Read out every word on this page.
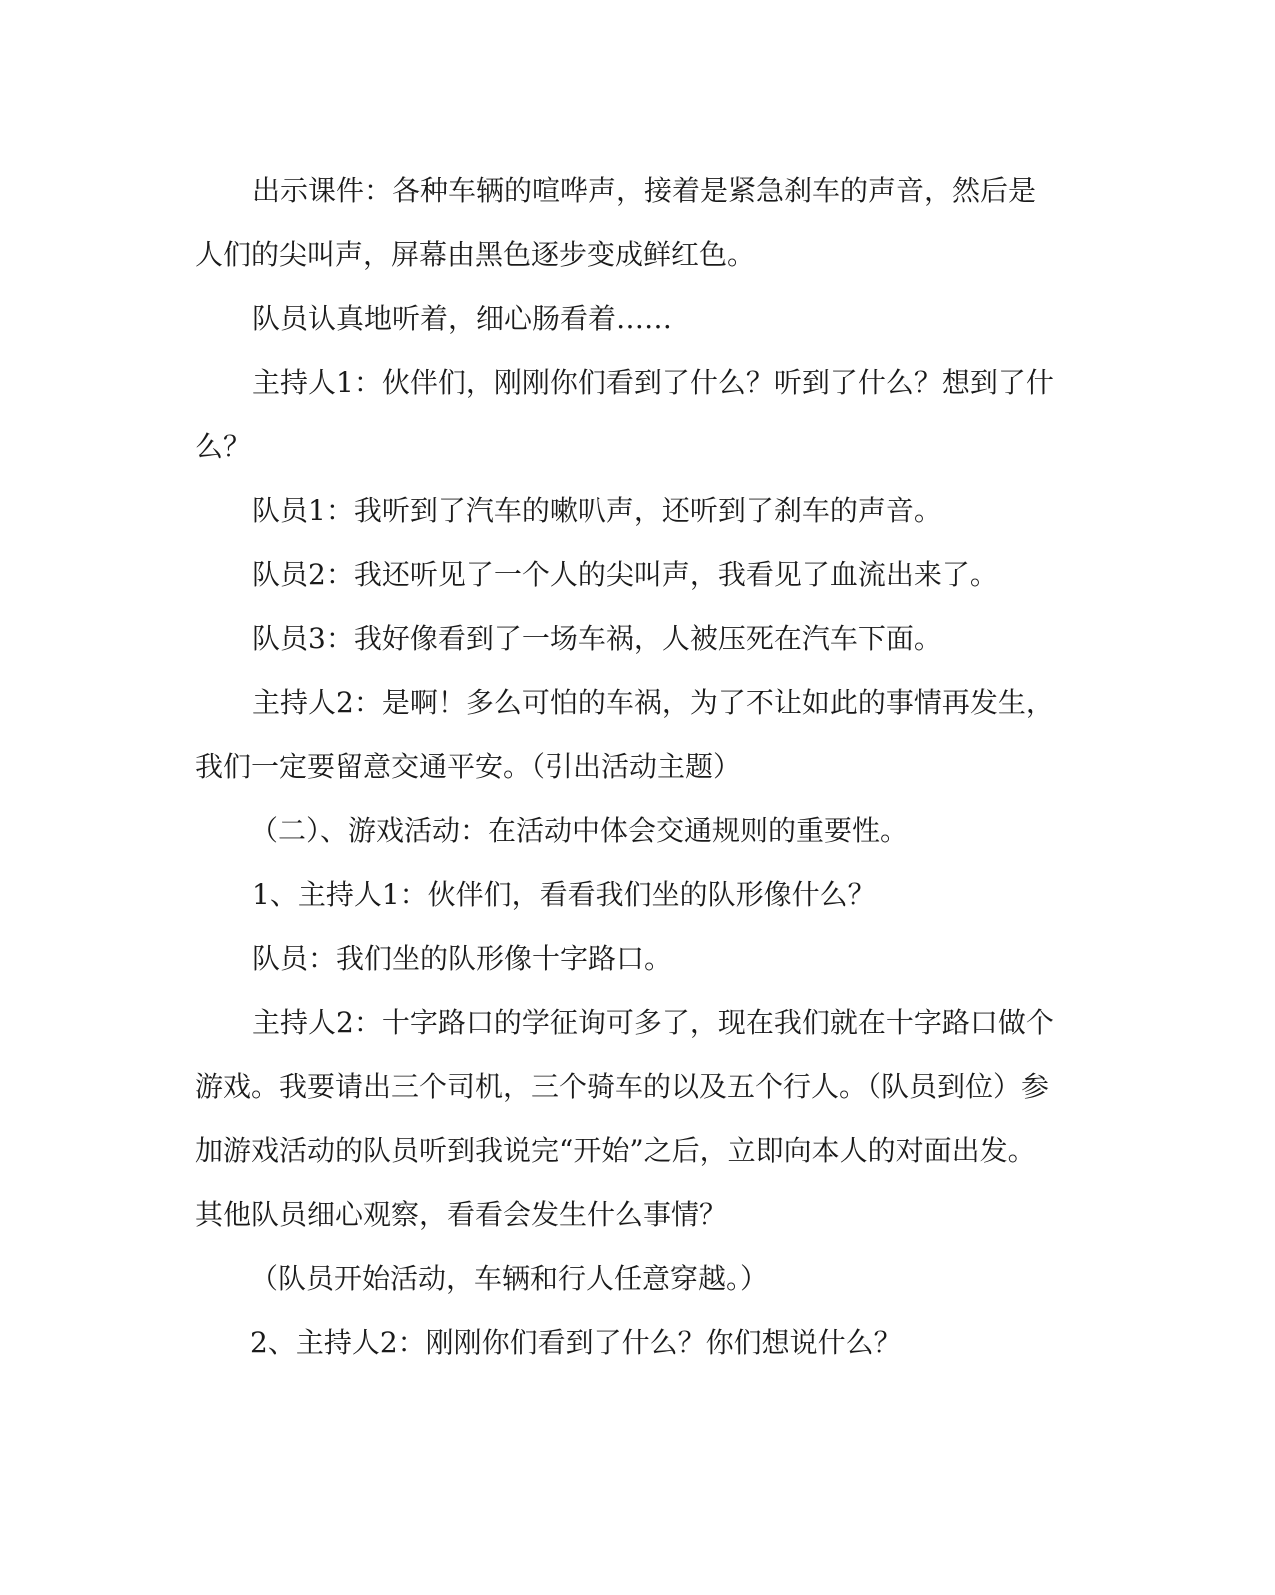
出示课件：各种车辆的喧哗声，接着是紧急刹车的声音，然后是人们的尖叫声，屏幕由黑色逐步变成鲜红色。

队员认真地听着，细心肠看着……

主持人1：伙伴们，刚刚你们看到了什么？听到了什么？想到了什么？

队员1：我听到了汽车的嗽叭声，还听到了刹车的声音。

队员2：我还听见了一个人的尖叫声，我看见了血流出来了。

队员3：我好像看到了一场车祸，人被压死在汽车下面。

主持人2：是啊！多么可怕的车祸，为了不让如此的事情再发生，我们一定要留意交通平安。（引出活动主题）

（二）、游戏活动：在活动中体会交通规则的重要性。

1、主持人1：伙伴们，看看我们坐的队形像什么？

队员：我们坐的队形像十字路口。

主持人2：十字路口的学征询可多了，现在我们就在十字路口做个游戏。我要请出三个司机，三个骑车的以及五个行人。（队员到位）参加游戏活动的队员听到我说完“开始”之后，立即向本人的对面出发。其他队员细心观察，看看会发生什么事情？

（队员开始活动，车辆和行人任意穿越。）

2、主持人2：刚刚你们看到了什么？你们想说什么？
